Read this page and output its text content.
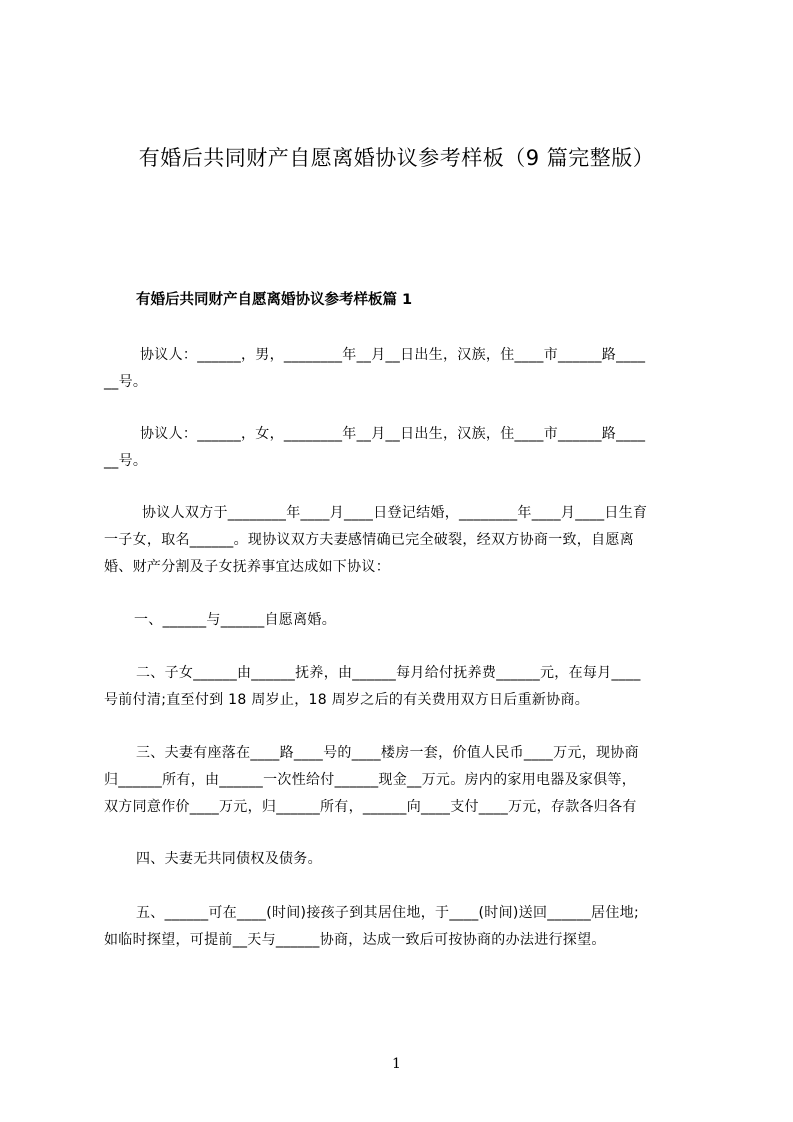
有婚后共同财产自愿离婚协议参考样板（9 篇完整版）
有婚后共同财产自愿离婚协议参考样板篇 1
协议人：______，男，________年__月__日出生，汉族，住____市______路____
__号。
协议人：______，女，________年__月__日出生，汉族，住____市______路____
__号。
协议人双方于________年____月____日登记结婚，________年____月____日生育
一子女，取名______。现协议双方夫妻感情确已完全破裂，经双方协商一致，自愿离
婚、财产分割及子女抚养事宜达成如下协议：
一、______与______自愿离婚。
二、子女______由______抚养，由______每月给付抚养费______元，在每月____
号前付清;直至付到 18 周岁止，18 周岁之后的有关费用双方日后重新协商。
三、夫妻有座落在____路____号的____楼房一套，价值人民币____万元，现协商
归______所有，由______一次性给付______现金__万元。房内的家用电器及家俱等，
双方同意作价____万元，归______所有，______向____支付____万元，存款各归各有
四、夫妻无共同债权及债务。
五、______可在____(时间)接孩子到其居住地，于____(时间)送回______居住地;
如临时探望，可提前__天与______协商，达成一致后可按协商的办法进行探望。
1
